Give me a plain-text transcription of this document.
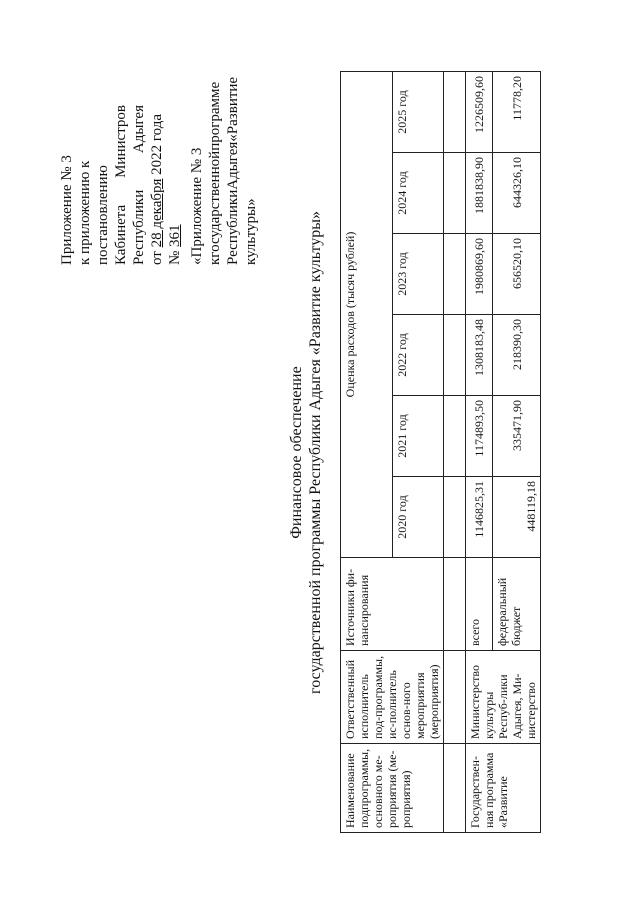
Приложение № 3 к приложению к постановлению Кабинета
Министров
Республики
Адыгея
от 28 декабря 2022 года № 361 «Приложение № 3 к
государственной
программе
Республики
Адыгея
«Развитие
культуры»
Финансовое обеспечение государственной программы Республики Адыгея «Развитие культуры»
Наименование подпрограммы, основного ме-роприятия (ме-роприятия)	Ответственный исполнитель под-программы, ис-полнитель основ-ного мероприятия (мероприятия)	Источники фи-нансирования	Оценка расходов (тысяч рублей)					
			2020 год	2021 год	2022 год	2023 год	2024 год	2025 год

Государствен-ная программа «Развитие	Министерство культуры Респуб-лики Адыгея, Ми-нистерство	всего	1146825,31	1174893,50	1308183,48	1980869,60	1881838,90	1226509,60
		федеральный бюджет	448119,18	335471,90	218390,30	656520,10	644326,10	11778,20
